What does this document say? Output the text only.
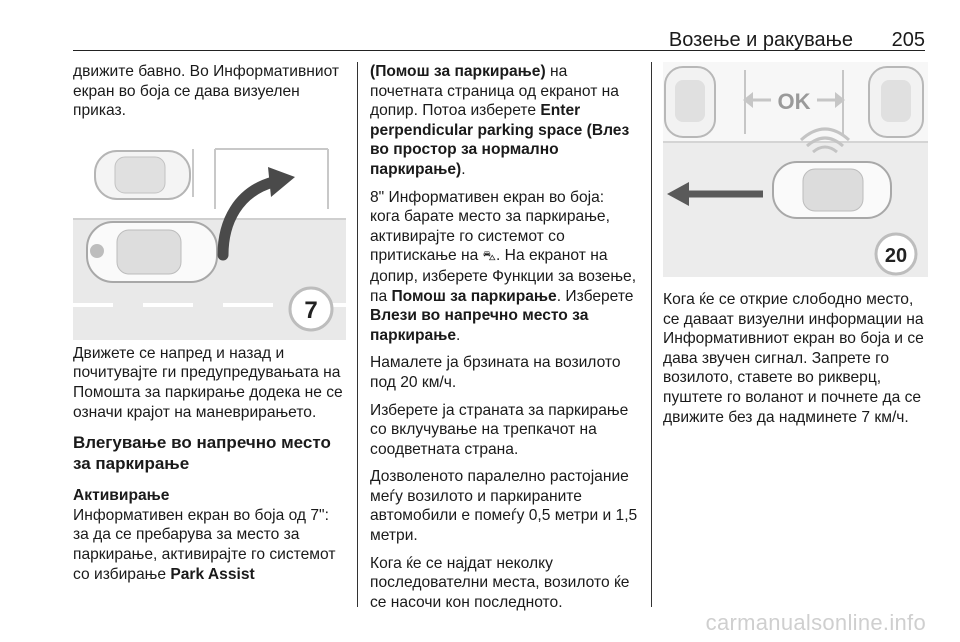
Возење и ракување 205

движите бавно. Во Информативниот екран во боја се дава визуелен приказ.

Движете се напред и назад и почитувајте ги предупредувањата на Помошта за паркирање додека не се означи крајот на маневрирањето.

Влегување во напречно место за паркирање

Активирање
Информативен екран во боја од 7": за да се пребарува за место за паркирање, активирајте го системот со избирање Park Assist

7

(Помош за паркирање) на почетната страница од екранот на допир. Потоа изберете Enter perpendicular parking space (Влез во простор за нормално паркирање).

8" Информативен екран во боја: кога барате место за паркирање, активирајте го системот со притискање на ⛍. На екранот на допир, изберете Функции за возење, па Помош за паркирање. Изберете Влези во напречно место за паркирање.

Намалете ја брзината на возилото под 20 км/ч.

Изберете ја страната за паркирање со вклучување на трепкачот на соодветната страна.

Дозволеното паралелно растојание меѓу возилото и паркираните автомобили е помеѓу 0,5 метри и 1,5 метри.

Кога ќе се најдат неколку последователни места, возилото ќе се насочи кон последното.

OK
20

Кога ќе се открие слободно место, се даваат визуелни информации на Информативниот екран во боја и се дава звучен сигнал. Запрете го возилото, ставете во рикверц, пуштете го воланот и почнете да се движите без да надминете 7 км/ч.

carmanualsonline.info
